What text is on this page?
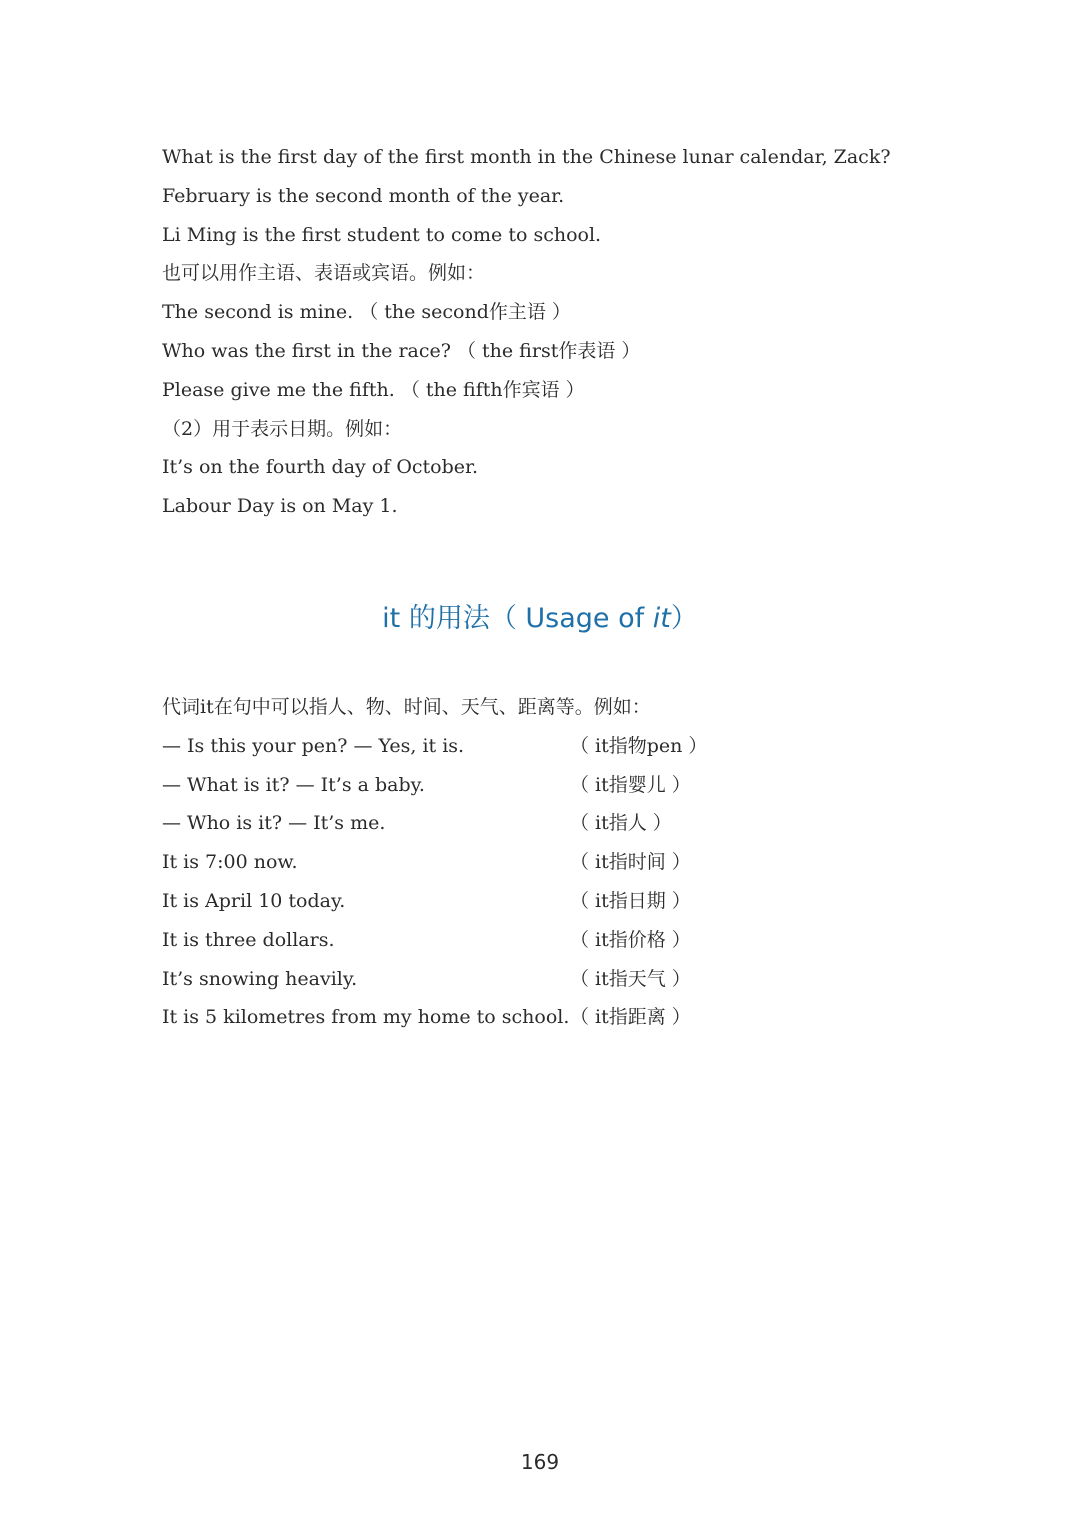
What is the first day of the first month in the Chinese lunar calendar, Zack?
February is the second month of the year.
Li Ming is the first student to come to school.
也可以用作主语、表语或宾语。例如：
The second is mine. （ the second作主语 ）
Who was the first in the race? （ the first作表语 ）
Please give me the fifth. （ the fifth作宾语 ）
（2）用于表示日期。例如：
It’s on the fourth day of October.
Labour Day is on May 1.
it 的用法（ Usage of it）
代词it在句中可以指人、物、时间、天气、距离等。例如：
— Is this your pen? — Yes, it is.	（ it指物pen ）
— What is it? — It’s a baby.	（ it指婴儿 ）
— Who is it? — It’s me.	（ it指人 ）
It is 7:00 now.	（ it指时间 ）
It is April 10 today.	（ it指日期 ）
It is three dollars.	（ it指价格 ）
It’s snowing heavily.	（ it指天气 ）
It is 5 kilometres from my home to school. （ it指距离 ）
169
